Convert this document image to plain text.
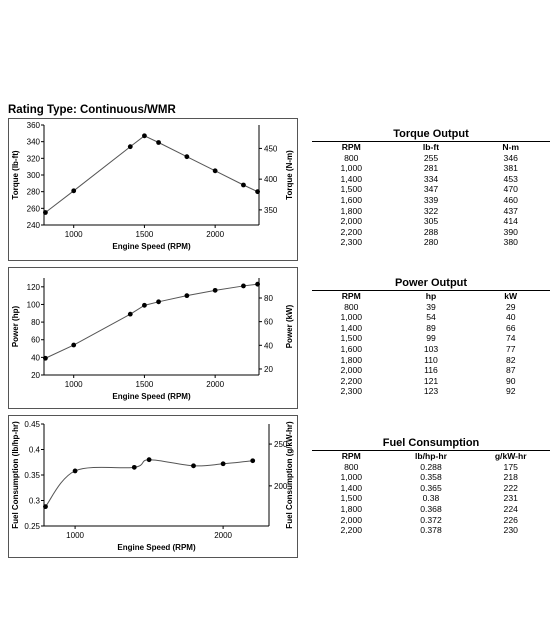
Rating Type: Continuous/WMR
240
260
280
300
320
340
360
350
400
450
1000	1500	2000
Engine Speed (RPM)
Torque (lb-ft)	Torque (N-m)
20
40
60
80
100
120
20
40
60
80
1000	1500	2000
Engine Speed (RPM)
Power (hp)	Power (kW)
0.25
0.3
0.35
0.4
0.45
200
250
1000	2000
Engine Speed (RPM)
Fuel Consumption (lb/hp-hr)	Fuel Consumption (g/kW-hr)
Torque Output
RPM	lb-ft	N-m
800	255	346
1,000	281	381
1,400	334	453
1,500	347	470
1,600	339	460
1,800	322	437
2,000	305	414
2,200	288	390
2,300	280	380
Power Output
RPM	hp	kW
800	39	29
1,000	54	40
1,400	89	66
1,500	99	74
1,600	103	77
1,800	110	82
2,000	116	87
2,200	121	90
2,300	123	92
Fuel Consumption
RPM	lb/hp-hr	g/kW-hr
800	0.288	175
1,000	0.358	218
1,400	0.365	222
1,500	0.38	231
1,800	0.368	224
2,000	0.372	226
2,200	0.378	230
